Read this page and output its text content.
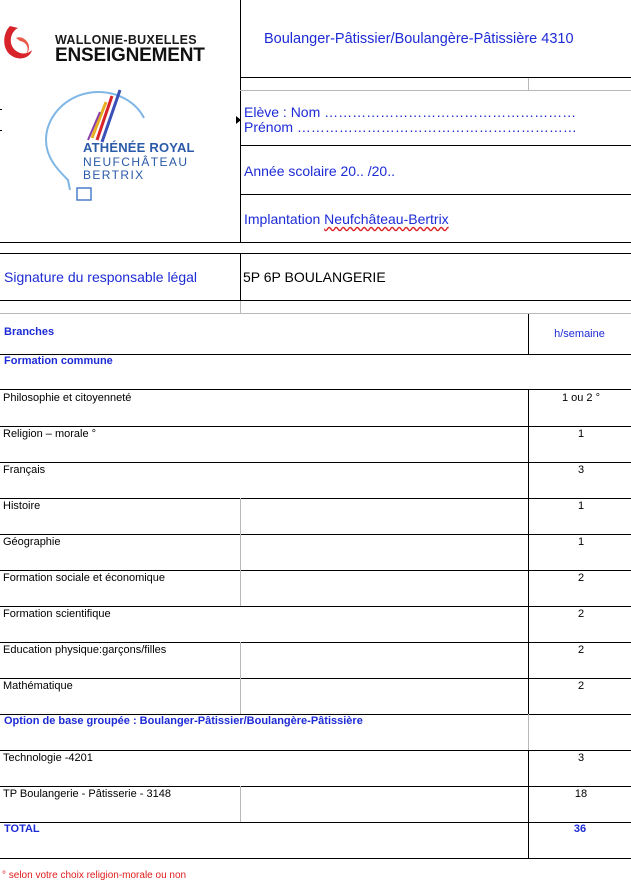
WALLONIE-BUXELLES
ENSEIGNEMENT
ATHÉNÉE ROYAL
NEUFCHÂTEAU
BERTRIX
Boulanger-Pâtissier/Boulangère-Pâtissière 4310
Elève : Nom ………………………………………………
Prénom ……………………………………………………
Année scolaire 20.. /20..
Implantation Neufchâteau-Bertrix
Signature du responsable légal	5P 6P BOULANGERIE
Branches	h/semaine
Formation commune
Philosophie et citoyenneté	1 ou 2 °
Religion – morale °	1
Français	3
Histoire	1
Géographie	1
Formation sociale et économique	2
Formation scientifique	2
Education physique:garçons/filles	2
Mathématique	2
Option de base groupée : Boulanger-Pâtissier/Boulangère-Pâtissière
Technologie -4201	3
TP Boulangerie - Pâtisserie - 3148	18
TOTAL	36
° selon votre choix religion-morale ou non
